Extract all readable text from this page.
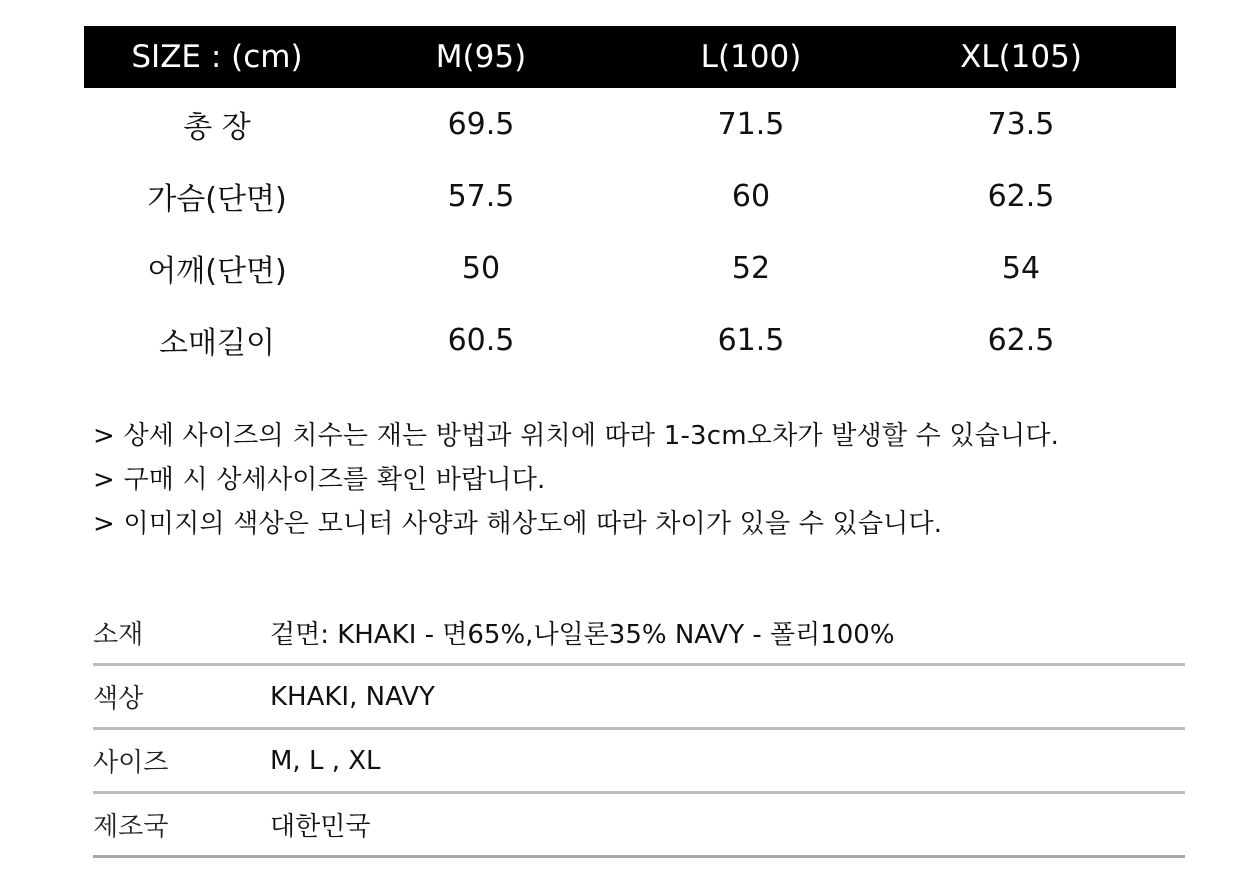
SIZE : (cm)	M(95)	L(100)	XL(105)
총 장	69.5	71.5	73.5
가슴(단면)	57.5	60	62.5
어깨(단면)	50	52	54
소매길이	60.5	61.5	62.5
> 상세 사이즈의 치수는 재는 방법과 위치에 따라 1-3cm오차가 발생할 수 있습니다.
> 구매 시 상세사이즈를 확인 바랍니다.
> 이미지의 색상은 모니터 사양과 해상도에 따라 차이가 있을 수 있습니다.
소재	겉면: KHAKI - 면65%,나일론35% NAVY - 폴리100%
색상	KHAKI, NAVY
사이즈	M, L , XL
제조국	대한민국
